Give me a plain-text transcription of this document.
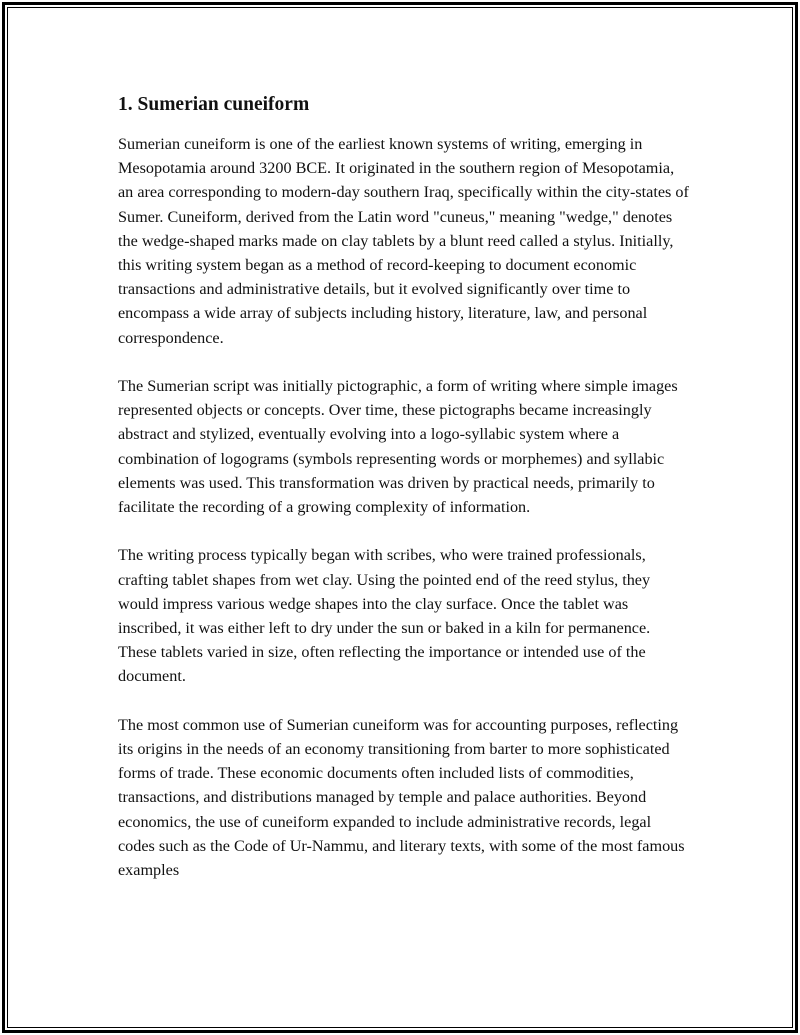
1. Sumerian cuneiform

Sumerian cuneiform is one of the earliest known systems of writing, emerging in Mesopotamia around 3200 BCE. It originated in the southern region of Mesopotamia, an area corresponding to modern-day southern Iraq, specifically within the city-states of Sumer. Cuneiform, derived from the Latin word "cuneus," meaning "wedge," denotes the wedge-shaped marks made on clay tablets by a blunt reed called a stylus. Initially, this writing system began as a method of record-keeping to document economic transactions and administrative details, but it evolved significantly over time to encompass a wide array of subjects including history, literature, law, and personal correspondence.

The Sumerian script was initially pictographic, a form of writing where simple images represented objects or concepts. Over time, these pictographs became increasingly abstract and stylized, eventually evolving into a logo-syllabic system where a combination of logograms (symbols representing words or morphemes) and syllabic elements was used. This transformation was driven by practical needs, primarily to facilitate the recording of a growing complexity of information.

The writing process typically began with scribes, who were trained professionals, crafting tablet shapes from wet clay. Using the pointed end of the reed stylus, they would impress various wedge shapes into the clay surface. Once the tablet was inscribed, it was either left to dry under the sun or baked in a kiln for permanence. These tablets varied in size, often reflecting the importance or intended use of the document.

The most common use of Sumerian cuneiform was for accounting purposes, reflecting its origins in the needs of an economy transitioning from barter to more sophisticated forms of trade. These economic documents often included lists of commodities, transactions, and distributions managed by temple and palace authorities. Beyond economics, the use of cuneiform expanded to include administrative records, legal codes such as the Code of Ur-Nammu, and literary texts, with some of the most famous examples
